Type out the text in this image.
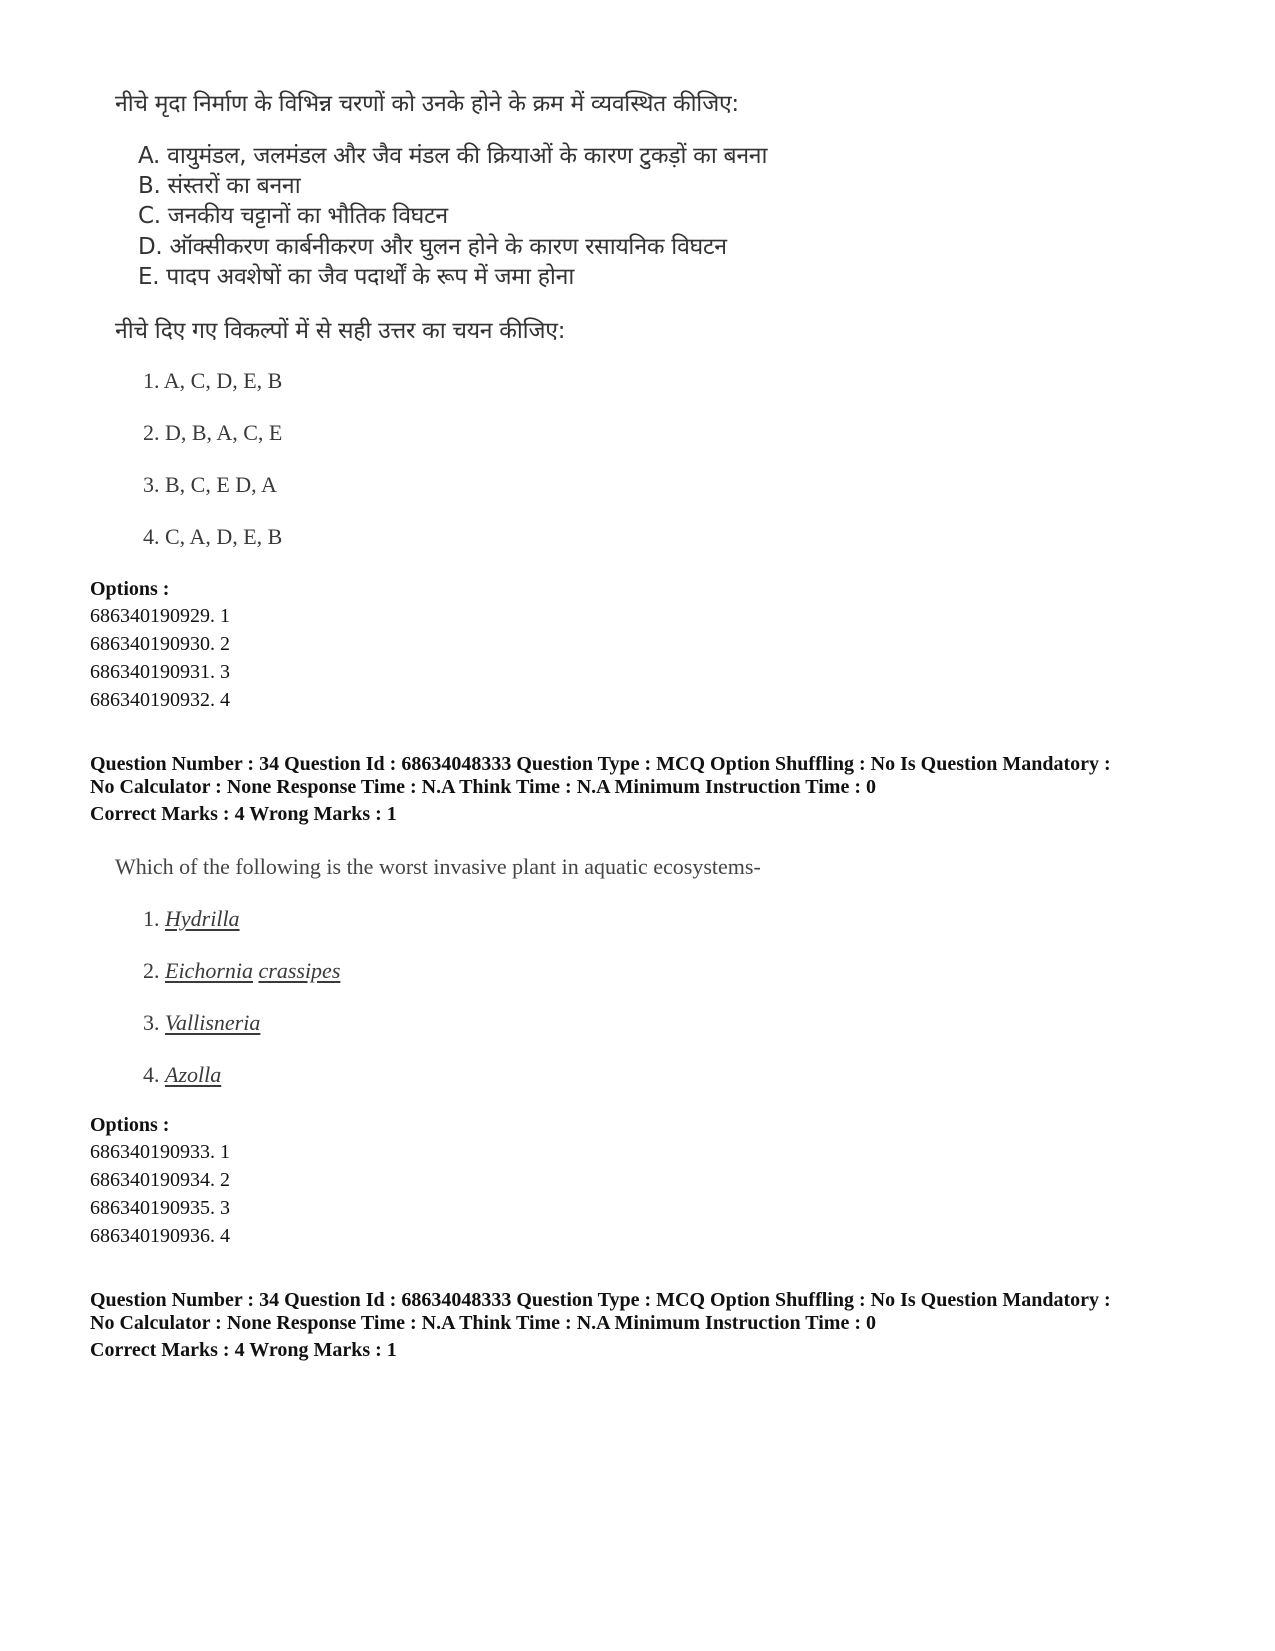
नीचे मृदा निर्माण के विभिन्न चरणों को उनके होने के क्रम में व्यवस्थित कीजिए:
A. वायुमंडल, जलमंडल और जैव मंडल की क्रियाओं के कारण टुकड़ों का बनना
B. संस्तरों का बनना
C. जनकीय चट्टानों का भौतिक विघटन
D. ऑक्सीकरण कार्बनीकरण और घुलन होने के कारण रसायनिक विघटन
E. पादप अवशेषों का जैव पदार्थों के रूप में जमा होना
नीचे दिए गए विकल्पों में से सही उत्तर का चयन कीजिए:
1. A, C, D, E, B
2. D, B, A, C, E
3. B, C, E D, A
4. C, A, D, E, B
Options :
686340190929. 1
686340190930. 2
686340190931. 3
686340190932. 4
Question Number : 34 Question Id : 68634048333 Question Type : MCQ Option Shuffling : No Is Question Mandatory :
No Calculator : None Response Time : N.A Think Time : N.A Minimum Instruction Time : 0
Correct Marks : 4 Wrong Marks : 1
Which of the following is the worst invasive plant in aquatic ecosystems-
1. Hydrilla
2. Eichornia crassipes
3. Vallisneria
4. Azolla
Options :
686340190933. 1
686340190934. 2
686340190935. 3
686340190936. 4
Question Number : 34 Question Id : 68634048333 Question Type : MCQ Option Shuffling : No Is Question Mandatory :
No Calculator : None Response Time : N.A Think Time : N.A Minimum Instruction Time : 0
Correct Marks : 4 Wrong Marks : 1
